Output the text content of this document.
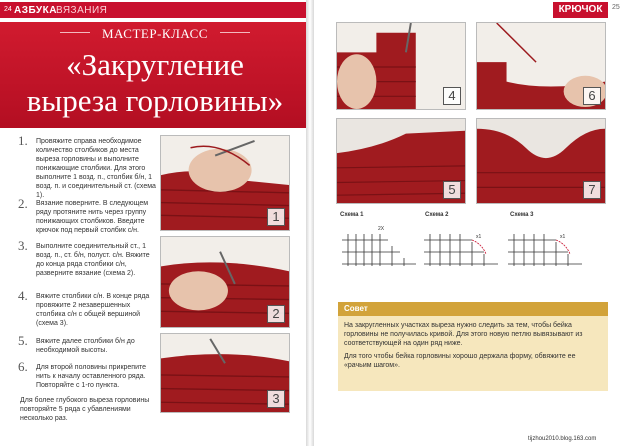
24 АЗБУКА ВЯЗАНИЯ
МАСТЕР-КЛАСС
«Закругление
выреза горловины»
1. Провяжите справа необходимое количество столбиков до места выреза горловины и выполните понижающие столбики. Для этого выполните 1 возд. п., столбик б/н, 1 возд. п. и соединительный ст. (схема 1).
2. Вязание поверните. В следующем ряду протяните нить через группу понижающих столбиков. Введите крючок под первый столбик с/н.
3. Выполните соединительный ст., 1 возд. п., ст. б/н, полуст. с/н. Вяжите до конца ряда столбики с/н, разверните вязание (схема 2).
4. Вяжите столбики с/н. В конце ряда провяжите 2 незавершенных столбика с/н с общей вершиной (схема 3).
5. Вяжите далее столбики б/н до необходимой высоты.
6. Для второй половины прикрепите нить к началу оставленного ряда. Повторяйте с 1-го пункта.
Для более глубокого выреза горловины повторяйте 5 ряда с убавлениями несколько раз.
1
2
3
КРЮЧОК	25
4	6
5	7
Схема 1	Схема 2	Схема 3
2X
x1	x1
Совет

На закругленных участках выреза нужно следить за тем, чтобы бейка горловины не получилась кривой. Для этого новую петлю вывязывают из соответствующей на один ряд ниже.

Для того чтобы бейка горловины хорошо держала форму, обвяжите ее «рачьим шагом».

tijzhou2010.blog.163.com
